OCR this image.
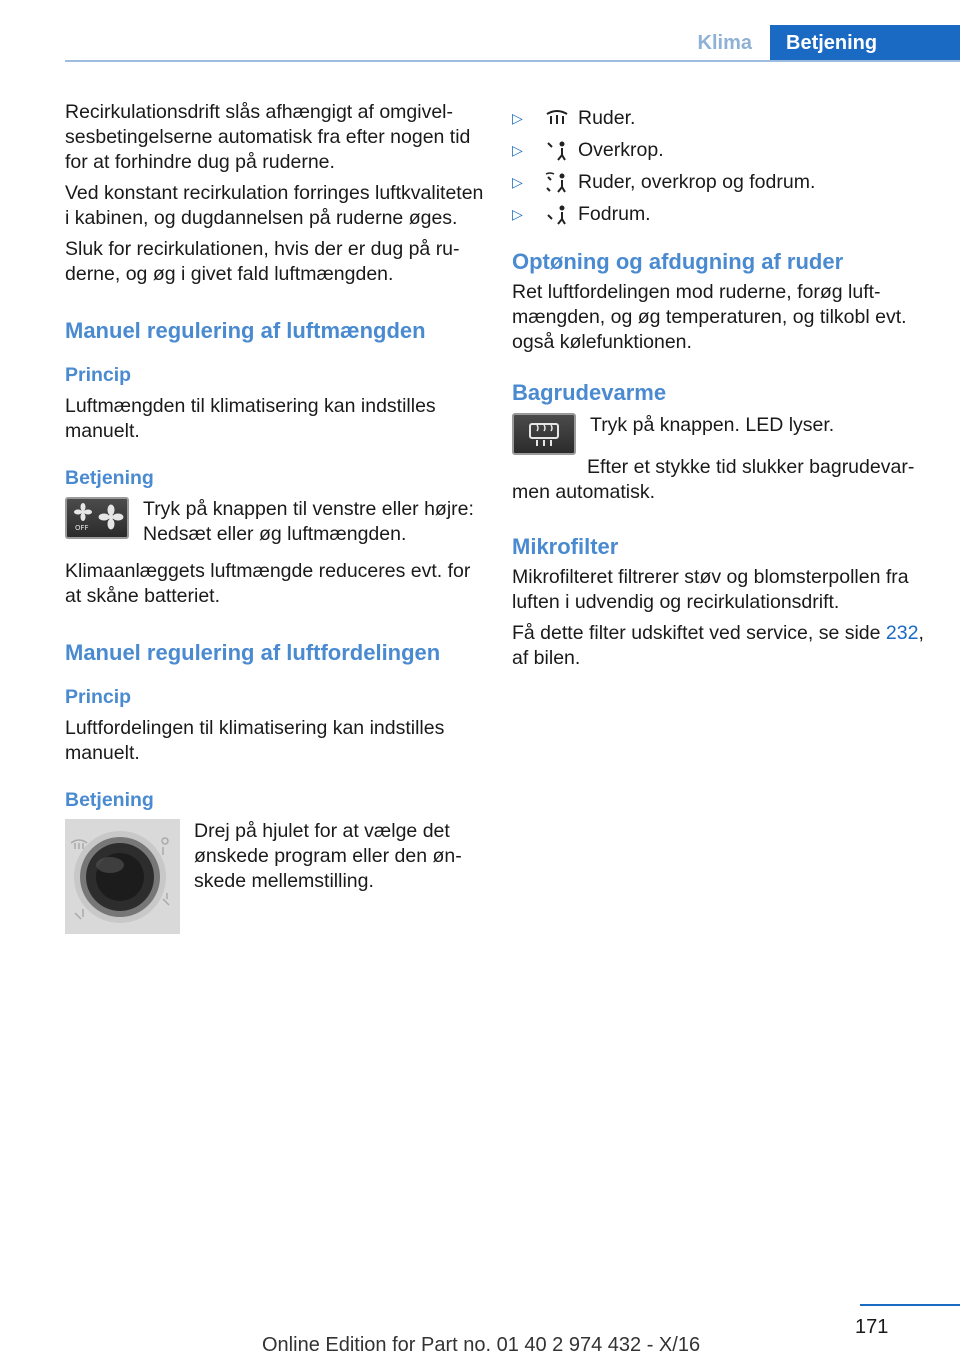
Klima	Betjening

Recirkulationsdrift slås afhængigt af omgivelsesbetingelserne automatisk fra efter nogen tid for at forhindre dug på ruderne.

Ved konstant recirkulation forringes luftkvaliteten i kabinen, og dugdannelsen på ruderne øges.

Sluk for recirkulationen, hvis der er dug på ruderne, og øg i givet fald luftmængden.

Manuel regulering af luftmængden
Princip

Luftmængden til klimatisering kan indstilles manuelt.

Betjening
OFF

Tryk på knappen til venstre eller højre: Nedsæt eller øg luftmængden.

Klimaanlæggets luftmængde reduceres evt. for at skåne batteriet.

Manuel regulering af luftfordelingen
Princip

Luftfordelingen til klimatisering kan indstilles manuelt.

Betjening

Drej på hjulet for at vælge det ønskede program eller den ønskede mellemstilling.

▷	Ruder.
▷	Overkrop.
▷	Ruder, overkrop og fodrum.
▷	Fodrum.
Optøning og afdugning af ruder

Ret luftfordelingen mod ruderne, forøg luftmængden, og øg temperaturen, og tilkobl evt. også kølefunktionen.

Bagrudevarme

Tryk på knappen. LED lyser.

Efter et stykke tid slukker bagrudevarmen automatisk.

Mikrofilter

Mikrofilteret filtrerer støv og blomsterpollen fra luften i udvendig og recirkulationsdrift.

Få dette filter udskiftet ved service, se side 232, af bilen.

171
Online Edition for Part no. 01 40 2 974 432 - X/16
